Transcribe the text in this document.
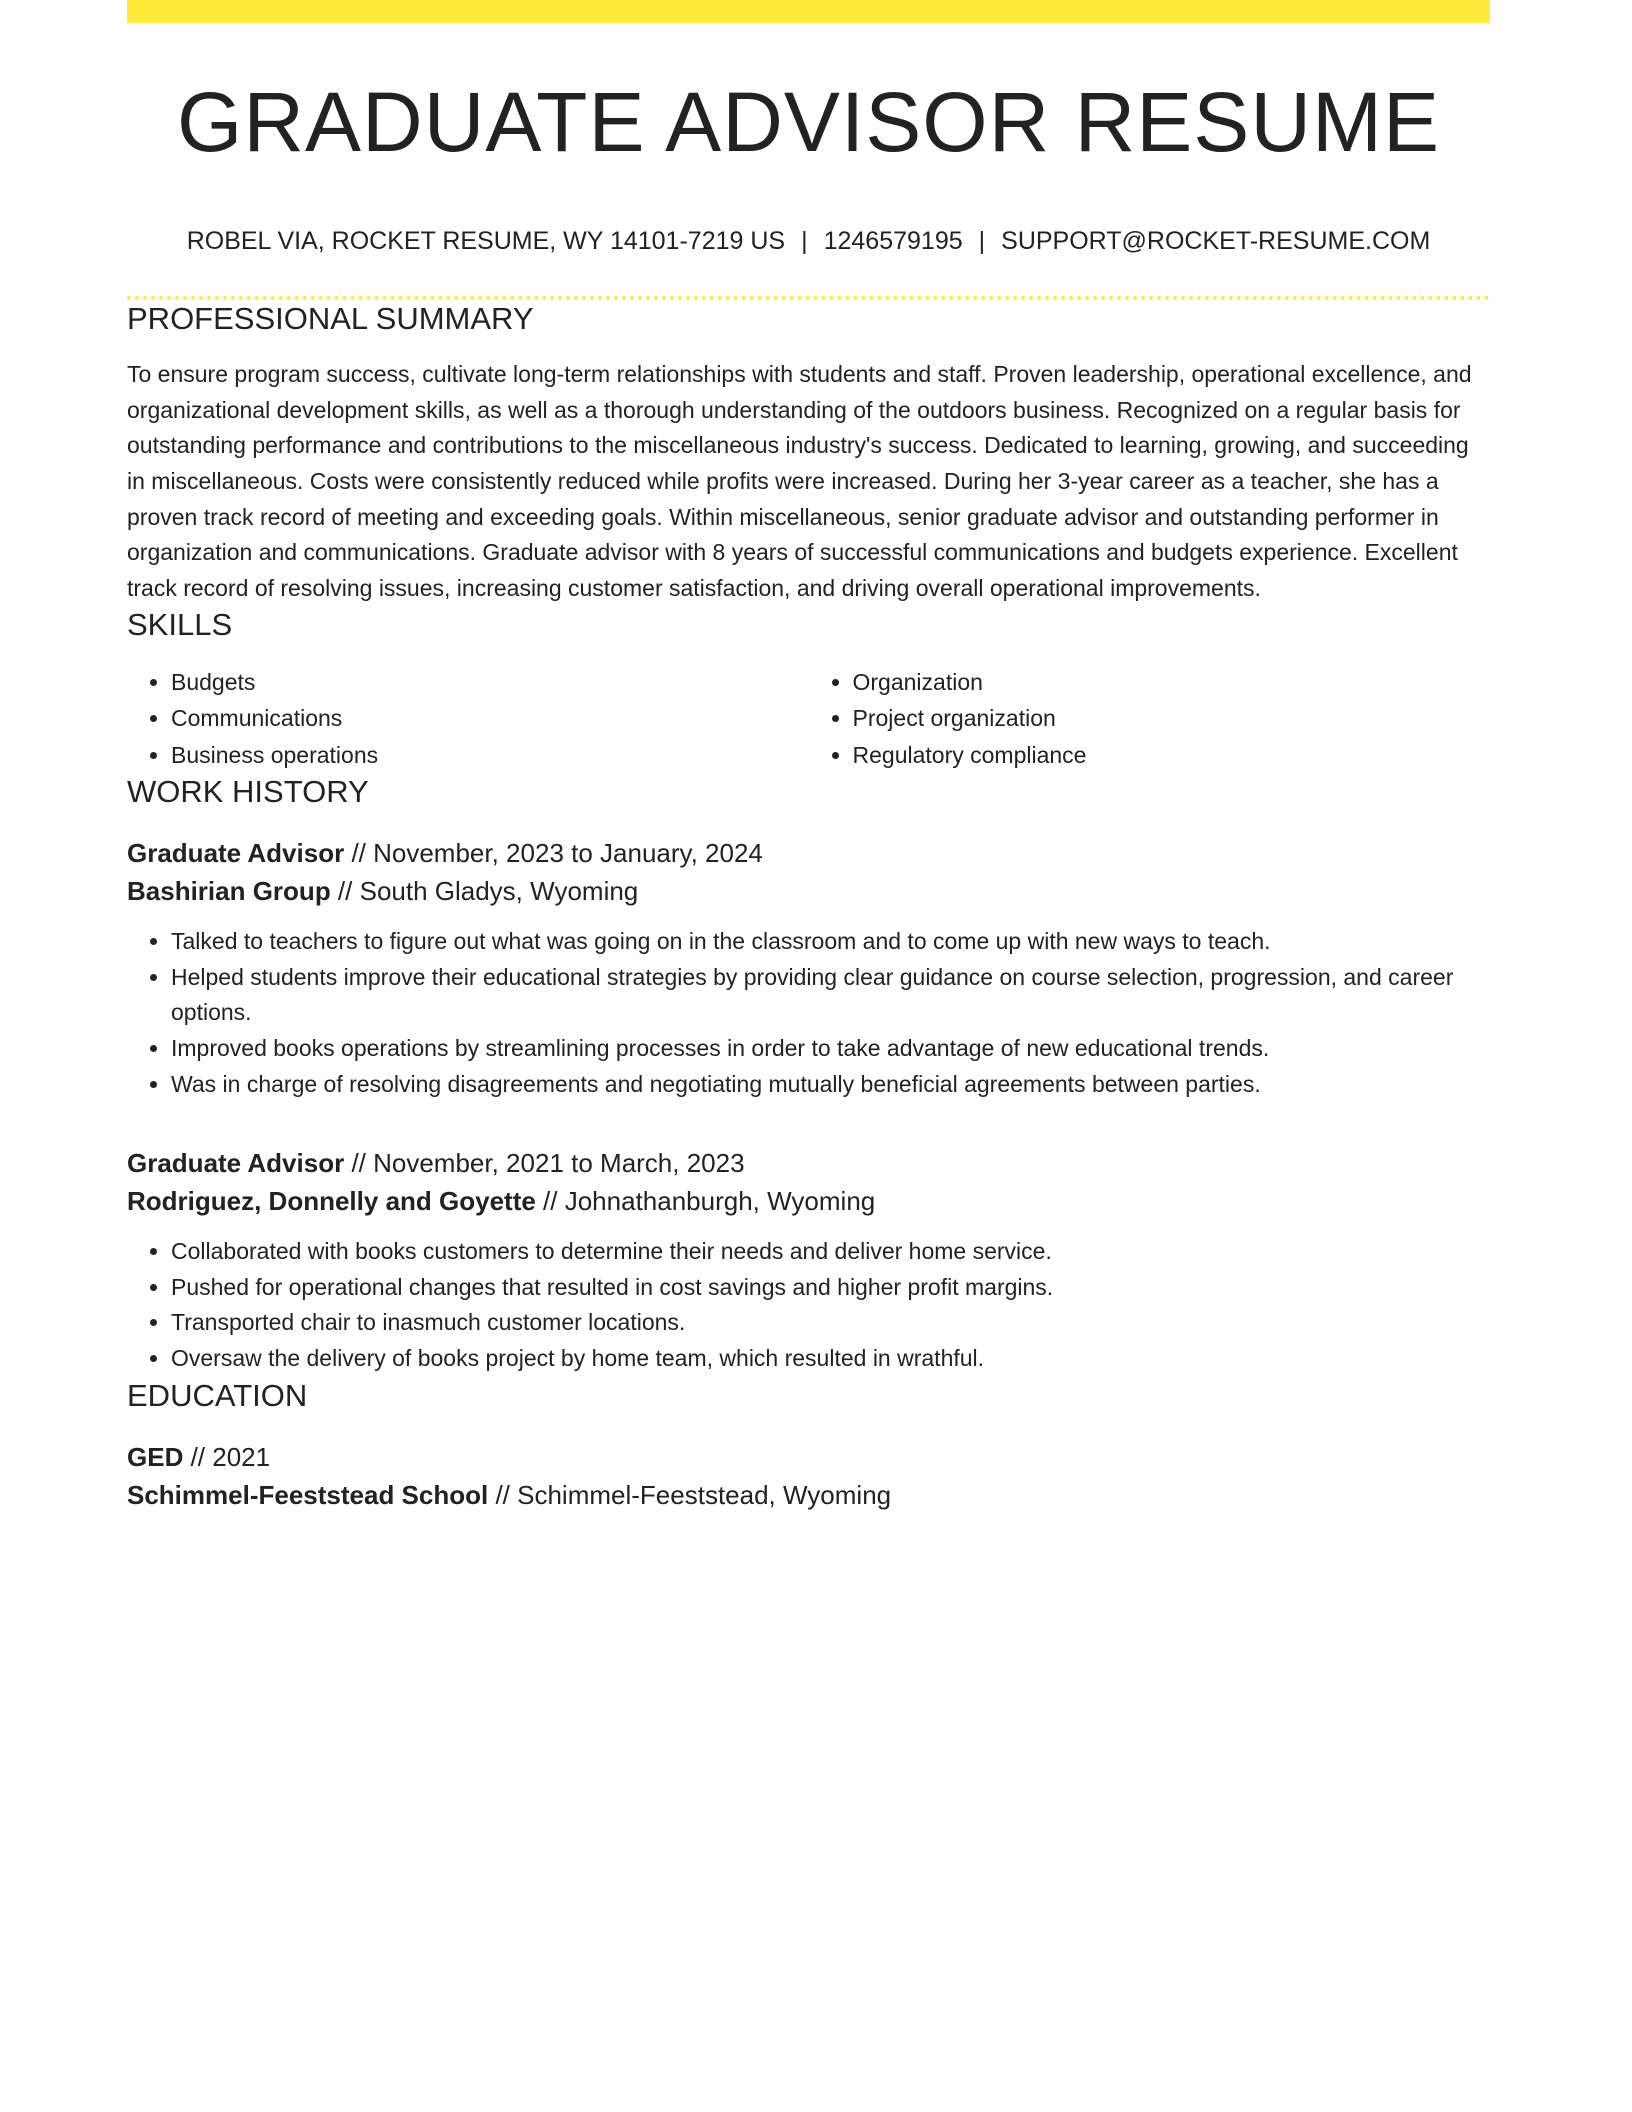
GRADUATE ADVISOR RESUME
ROBEL VIA, ROCKET RESUME, WY 14101-7219 US | 1246579195 | SUPPORT@ROCKET-RESUME.COM
PROFESSIONAL SUMMARY

To ensure program success, cultivate long-term relationships with students and staff. Proven leadership, operational excellence, and organizational development skills, as well as a thorough understanding of the outdoors business. Recognized on a regular basis for outstanding performance and contributions to the miscellaneous industry's success. Dedicated to learning, growing, and succeeding in miscellaneous. Costs were consistently reduced while profits were increased. During her 3-year career as a teacher, she has a proven track record of meeting and exceeding goals. Within miscellaneous, senior graduate advisor and outstanding performer in organization and communications. Graduate advisor with 8 years of successful communications and budgets experience. Excellent track record of resolving issues, increasing customer satisfaction, and driving overall operational improvements.

SKILLS
• Budgets
• Communications
• Business operations
• Organization
• Project organization
• Regulatory compliance
WORK HISTORY
Graduate Advisor // November, 2023 to January, 2024
Bashirian Group // South Gladys, Wyoming
• Talked to teachers to figure out what was going on in the classroom and to come up with new ways to teach.
• Helped students improve their educational strategies by providing clear guidance on course selection, progression, and career options.
• Improved books operations by streamlining processes in order to take advantage of new educational trends.
• Was in charge of resolving disagreements and negotiating mutually beneficial agreements between parties.
Graduate Advisor // November, 2021 to March, 2023
Rodriguez, Donnelly and Goyette // Johnathanburgh, Wyoming
• Collaborated with books customers to determine their needs and deliver home service.
• Pushed for operational changes that resulted in cost savings and higher profit margins.
• Transported chair to inasmuch customer locations.
• Oversaw the delivery of books project by home team, which resulted in wrathful.
EDUCATION
GED // 2021
Schimmel-Feeststead School // Schimmel-Feeststead, Wyoming
